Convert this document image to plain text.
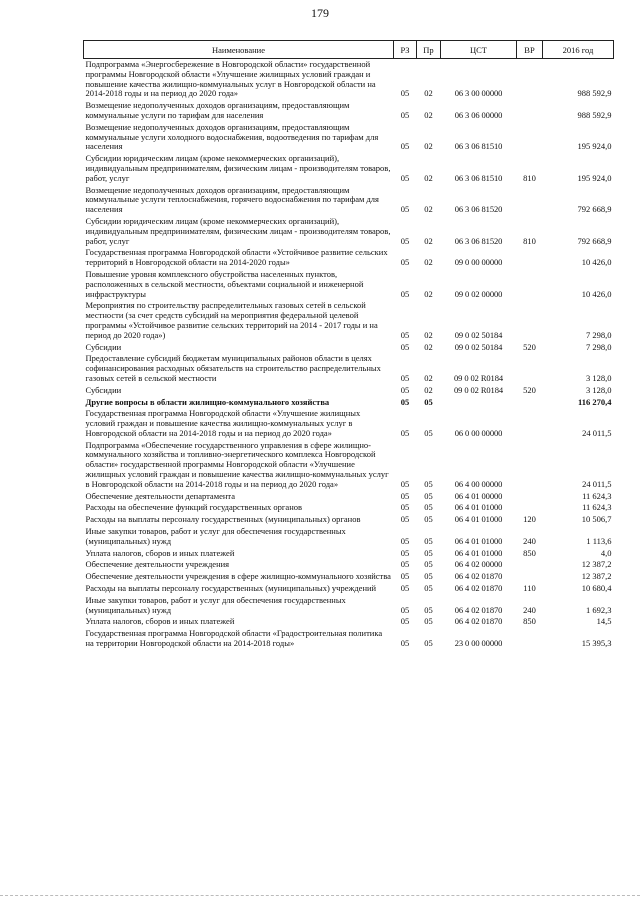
179
Наименование	РЗ	Пр	ЦСТ	ВР	2016 год
Подпрограмма «Энергосбережение в Новгородской области» государственной программы Новгородской области «Улучшение жилищных условий граждан и повышение качества жилищно-коммунальных услуг в Новгородской области на 2014-2018 годы и на период до 2020 года»	05	02	06 3 00 00000		988 592,9
Возмещение недополученных доходов организациям, предоставляющим коммунальные услуги по тарифам для населения	05	02	06 3 06 00000		988 592,9
Возмещение недополученных доходов организациям, предоставляющим коммунальные услуги холодного водоснабжения, водоотведения по тарифам для населения	05	02	06 3 06 81510		195 924,0
Субсидии юридическим лицам (кроме некоммерческих организаций), индивидуальным предпринимателям, физическим лицам - производителям товаров, работ, услуг	05	02	06 3 06 81510	810	195 924,0
Возмещение недополученных доходов организациям, предоставляющим коммунальные услуги теплоснабжения, горячего водоснабжения по тарифам для населения	05	02	06 3 06 81520		792 668,9
Субсидии юридическим лицам (кроме некоммерческих организаций), индивидуальным предпринимателям, физическим лицам - производителям товаров, работ, услуг	05	02	06 3 06 81520	810	792 668,9
Государственная программа Новгородской области «Устойчивое развитие сельских территорий в Новгородской области на 2014-2020 годы»	05	02	09 0 00 00000		10 426,0
Повышение уровня комплексного обустройства населенных пунктов, расположенных в сельской местности, объектами социальной и инженерной инфраструктуры	05	02	09 0 02 00000		10 426,0
Мероприятия по строительству распределительных газовых сетей в сельской местности (за счет средств субсидий на мероприятия федеральной целевой программы «Устойчивое развитие сельских территорий на 2014 - 2017 годы и на период до 2020 года»)	05	02	09 0 02 50184		7 298,0
Субсидии	05	02	09 0 02 50184	520	7 298,0
Предоставление субсидий бюджетам муниципальных районов области в целях софинансирования расходных обязательств на строительство распределительных газовых сетей в сельской местности	05	02	09 0 02 R0184		3 128,0
Субсидии	05	02	09 0 02 R0184	520	3 128,0
Другие вопросы в области жилищно-коммунального хозяйства	05	05			116 270,4
Государственная программа Новгородской области «Улучшение жилищных условий граждан и повышение качества жилищно-коммунальных услуг в Новгородской области на 2014-2018 годы и на период до 2020 года»	05	05	06 0 00 00000		24 011,5
Подпрограмма «Обеспечение государственного управления в сфере жилищно-коммунального хозяйства и топливно-энергетического комплекса Новгородской области» государственной программы Новгородской области «Улучшение жилищных условий граждан и повышение качества жилищно-коммунальных услуг в Новгородской области на 2014-2018 годы и на период до 2020 года»	05	05	06 4 00 00000		24 011,5
Обеспечение деятельности департамента	05	05	06 4 01 00000		11 624,3
Расходы на обеспечение функций государственных органов	05	05	06 4 01 01000		11 624,3
Расходы на выплаты персоналу государственных (муниципальных) органов	05	05	06 4 01 01000	120	10 506,7
Иные закупки товаров, работ и услуг для обеспечения государственных (муниципальных) нужд	05	05	06 4 01 01000	240	1 113,6
Уплата налогов, сборов и иных платежей	05	05	06 4 01 01000	850	4,0
Обеспечение деятельности учреждения	05	05	06 4 02 00000		12 387,2
Обеспечение деятельности учреждения в сфере жилищно-коммунального хозяйства	05	05	06 4 02 01870		12 387,2
Расходы на выплаты персоналу государственных (муниципальных) учреждений	05	05	06 4 02 01870	110	10 680,4
Иные закупки товаров, работ и услуг для обеспечения государственных (муниципальных) нужд	05	05	06 4 02 01870	240	1 692,3
Уплата налогов, сборов и иных платежей	05	05	06 4 02 01870	850	14,5
Государственная программа Новгородской области «Градостроительная политика на территории Новгородской области на 2014-2018 годы»	05	05	23 0 00 00000		15 395,3
